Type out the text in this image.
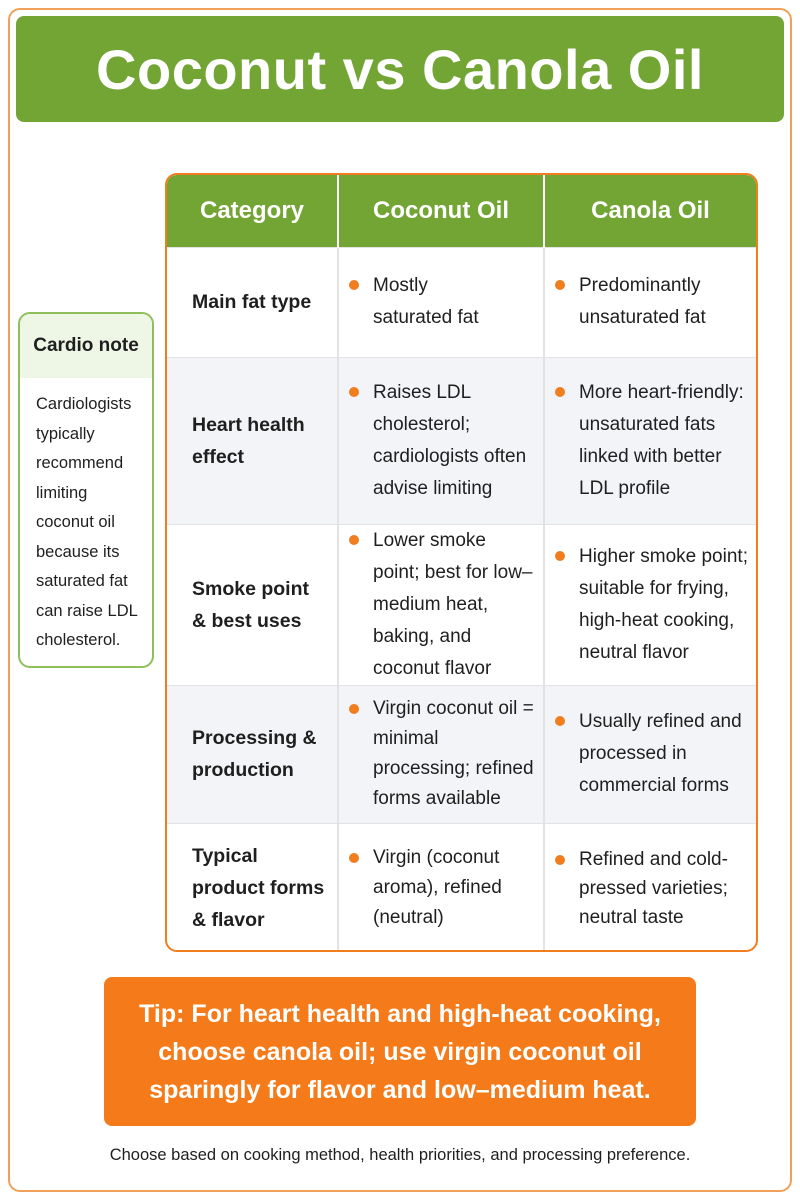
Coconut vs Canola Oil
Cardio note
Cardiologists typically recommend limiting coconut oil because its saturated fat can raise LDL cholesterol.
Category	Coconut Oil	Canola Oil
Main fat type	Mostly saturated fat	Predominantly unsaturated fat

Heart health effect	Raises LDL cholesterol; cardiologists often advise limiting	More heart-friendly: unsaturated fats linked with better LDL profile

Smoke point & best uses	Lower smoke point; best for low–medium heat, baking, and coconut flavor	Higher smoke point; suitable for frying, high-heat cooking, neutral flavor

Processing & production	Virgin coconut oil = minimal processing; refined forms available	Usually refined and processed in commercial forms

Typical product forms & flavor	Virgin (coconut aroma), refined (neutral)	Refined and cold-pressed varieties; neutral taste
Tip: For heart health and high-heat cooking, choose canola oil; use virgin coconut oil sparingly for flavor and low–medium heat.
Choose based on cooking method, health priorities, and processing preference.
